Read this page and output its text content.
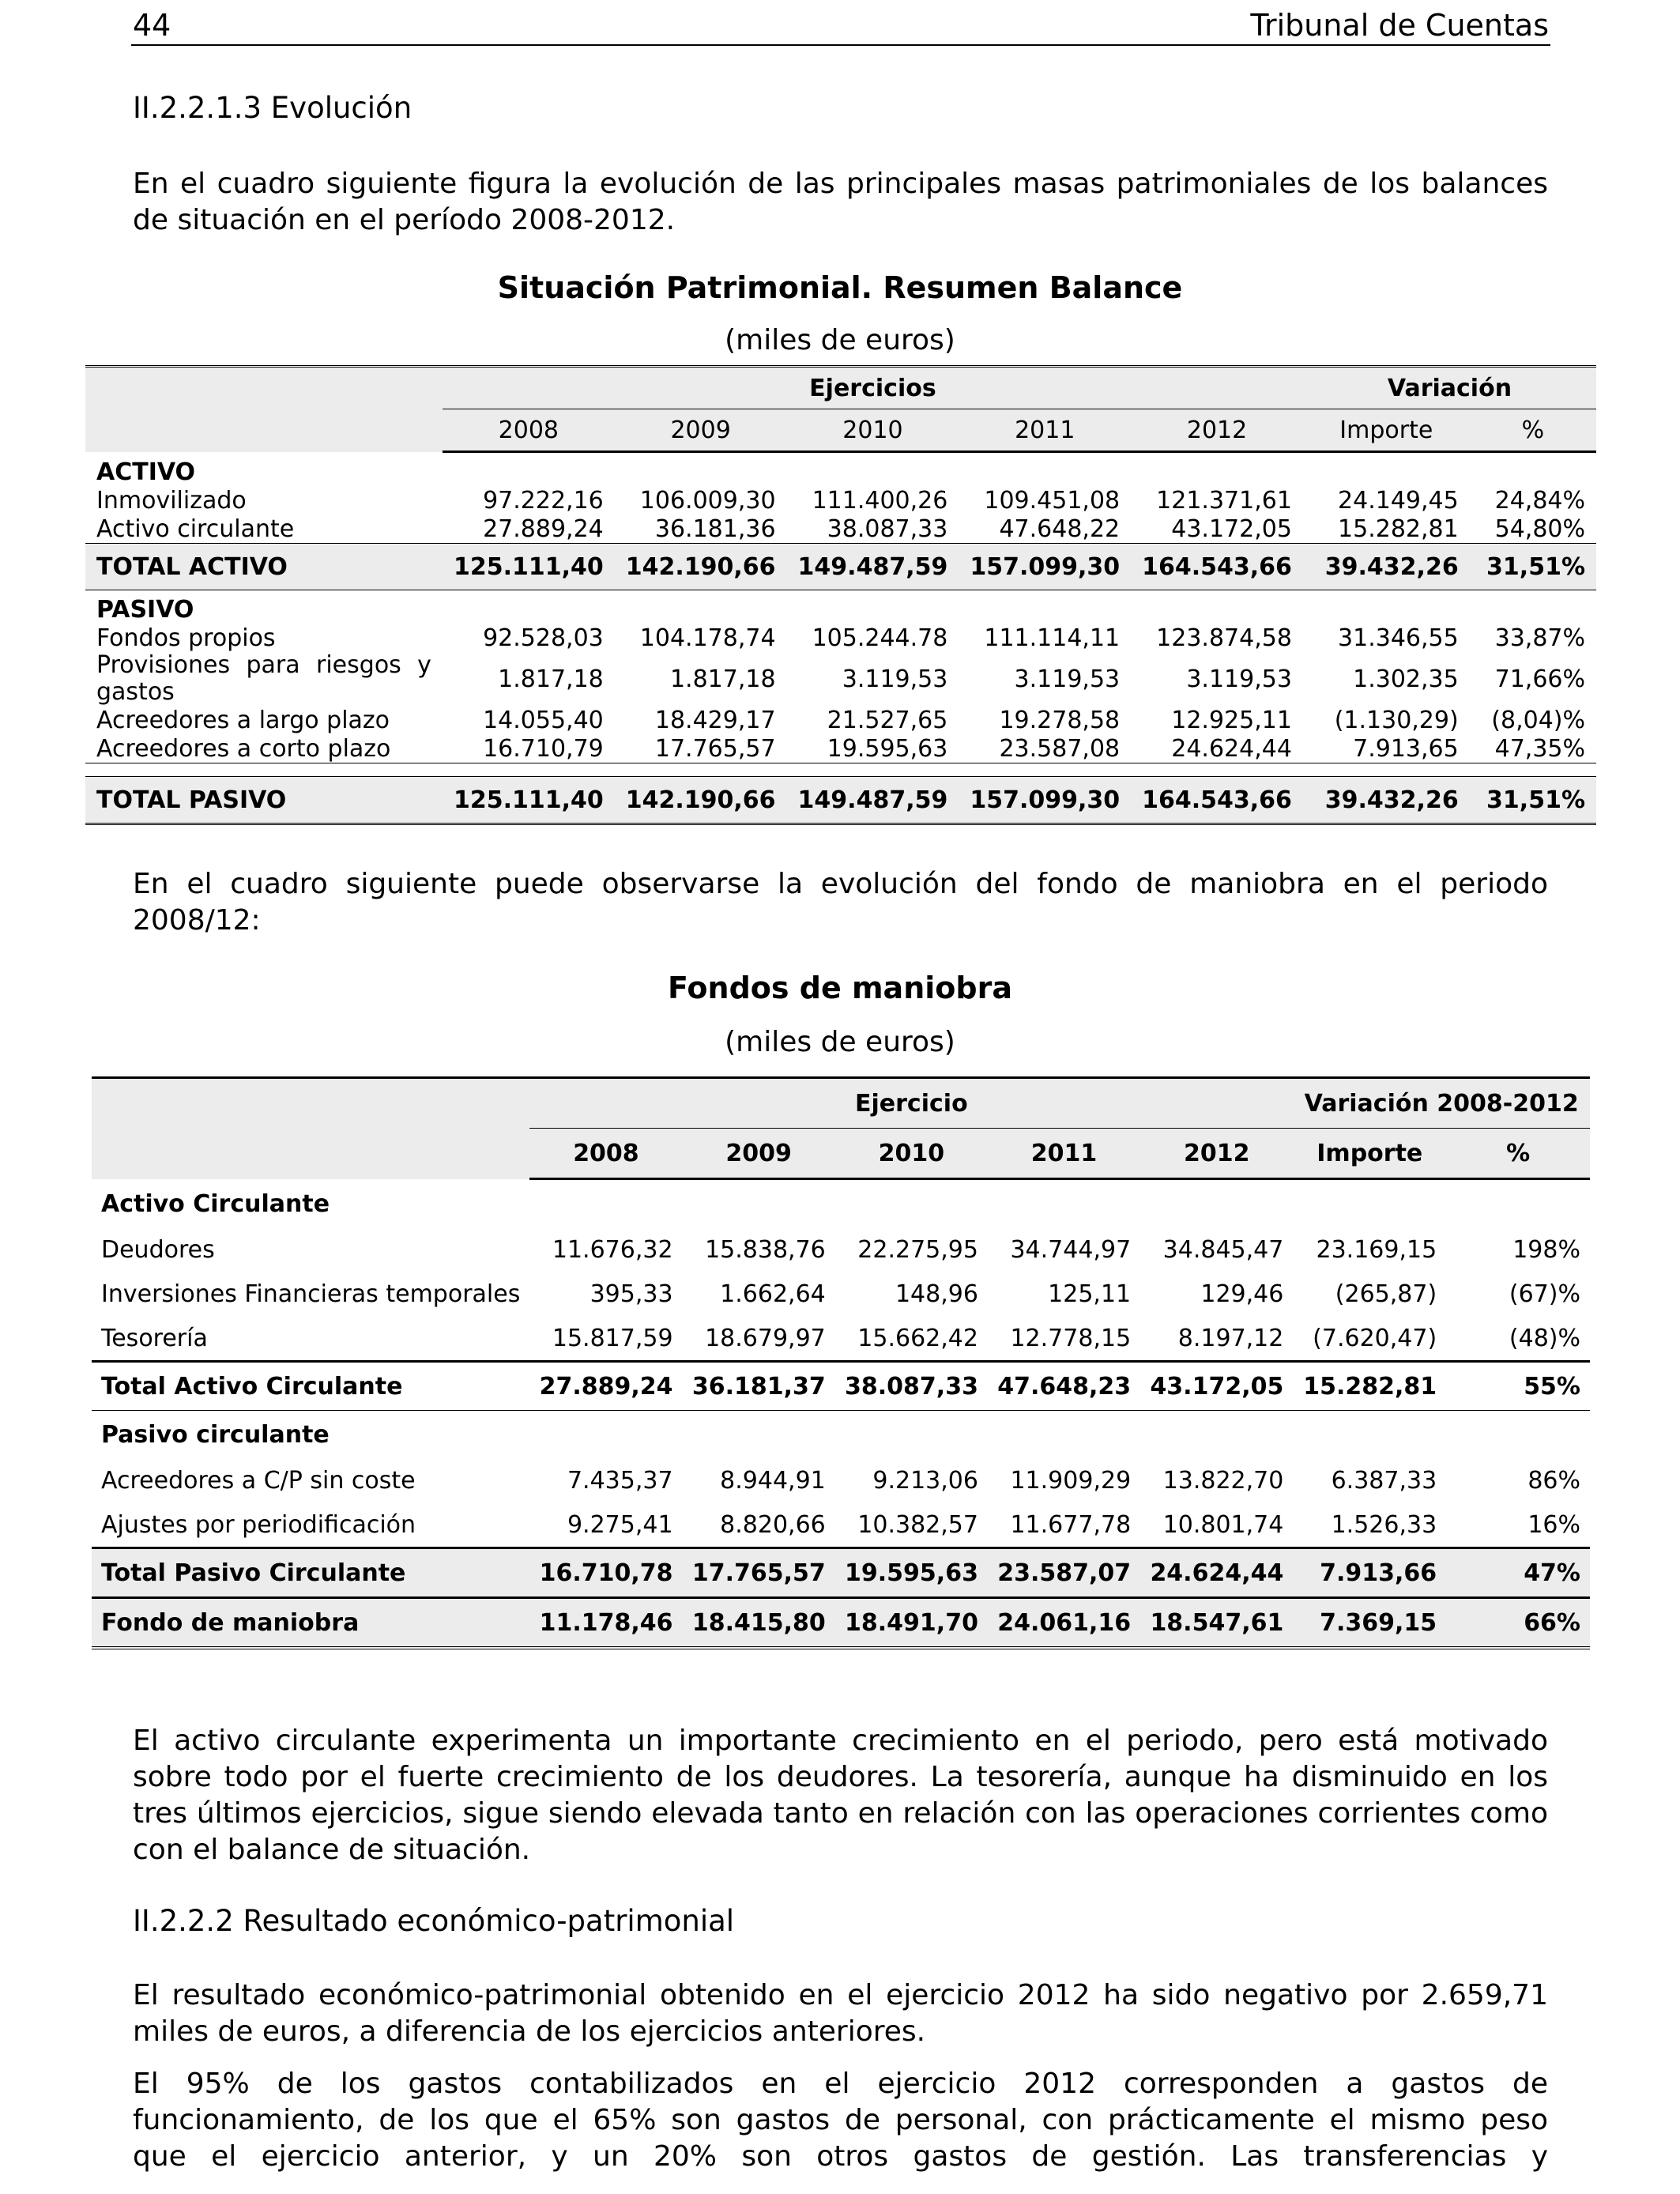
44	Tribunal de Cuentas
II.2.2.1.3 Evolución
En el cuadro siguiente figura la evolución de las principales masas patrimoniales de los balances de situación en el período 2008-2012.
Situación Patrimonial. Resumen Balance
(miles de euros)
	Ejercicios					Variación	
	2008	2009	2010	2011	2012	Importe	%
ACTIVO							
Inmovilizado	97.222,16	106.009,30	111.400,26	109.451,08	121.371,61	24.149,45	24,84%
Activo circulante	27.889,24	36.181,36	38.087,33	47.648,22	43.172,05	15.282,81	54,80%
TOTAL ACTIVO	125.111,40	142.190,66	149.487,59	157.099,30	164.543,66	39.432,26	31,51%
PASIVO							
Fondos propios	92.528,03	104.178,74	105.244.78	111.114,11	123.874,58	31.346,55	33,87%

Provisiones para riesgos y
gastos	1.817,18	1.817,18	3.119,53	3.119,53	3.119,53	1.302,35	71,66%
Acreedores a largo plazo	14.055,40	18.429,17	21.527,65	19.278,58	12.925,11	(1.130,29)	(8,04)%
Acreedores a corto plazo	16.710,79	17.765,57	19.595,63	23.587,08	24.624,44	7.913,65	47,35%

TOTAL PASIVO	125.111,40	142.190,66	149.487,59	157.099,30	164.543,66	39.432,26	31,51%
En el cuadro siguiente puede observarse la evolución del fondo de maniobra en el periodo 2008/12:
Fondos de maniobra
(miles de euros)
	Ejercicio					Variación 2008-2012	
	2008	2009	2010	2011	2012	Importe	%
Activo Circulante							
Deudores	11.676,32	15.838,76	22.275,95	34.744,97	34.845,47	23.169,15	198%
Inversiones Financieras temporales	395,33	1.662,64	148,96	125,11	129,46	(265,87)	(67)%
Tesorería	15.817,59	18.679,97	15.662,42	12.778,15	8.197,12	(7.620,47)	(48)%
Total Activo Circulante	27.889,24	36.181,37	38.087,33	47.648,23	43.172,05	15.282,81	55%
Pasivo circulante							
Acreedores a C/P sin coste	7.435,37	8.944,91	9.213,06	11.909,29	13.822,70	6.387,33	86%
Ajustes por periodificación	9.275,41	8.820,66	10.382,57	11.677,78	10.801,74	1.526,33	16%
Total Pasivo Circulante	16.710,78	17.765,57	19.595,63	23.587,07	24.624,44	7.913,66	47%
Fondo de maniobra	11.178,46	18.415,80	18.491,70	24.061,16	18.547,61	7.369,15	66%
El activo circulante experimenta un importante crecimiento en el periodo, pero está motivado sobre todo por el fuerte crecimiento de los deudores. La tesorería, aunque ha disminuido en los tres últimos ejercicios, sigue siendo elevada tanto en relación con las operaciones corrientes como con el balance de situación.
II.2.2.2 Resultado económico-patrimonial
El resultado económico-patrimonial obtenido en el ejercicio 2012 ha sido negativo por 2.659,71 miles de euros, a diferencia de los ejercicios anteriores.
El 95% de los gastos contabilizados en el ejercicio 2012 corresponden a gastos de
funcionamiento, de los que el 65% son gastos de personal, con prácticamente el mismo peso
que el ejercicio anterior, y un 20% son otros gastos de gestión. Las transferencias y
